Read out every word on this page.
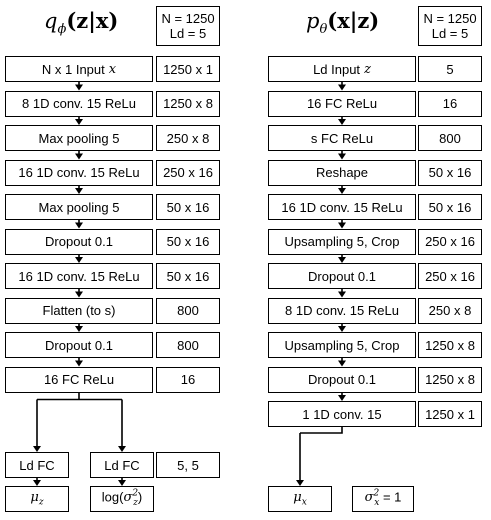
$q_\phi(z|x)$	$p_\theta(x|z)$
N = 1250
Ld = 5
N = 1250
Ld = 5
N x 1 Input x	1250 x 1
8 1D conv. 15 ReLu	1250 x 8
Max pooling 5	250 x 8
16 1D conv. 15 ReLu	250 x 16
Max pooling 5	50 x 16
Dropout 0.1	50 x 16
16 1D conv. 15 ReLu	50 x 16
Flatten (to s)	800
Dropout 0.1	800
16 FC ReLu	16
Ld Input z	5
16 FC ReLu	16
s FC ReLu	800
Reshape	50 x 16
16 1D conv. 15 ReLu	50 x 16
Upsampling 5, Crop	250 x 16
Dropout 0.1	250 x 16
8 1D conv. 15 ReLu	250 x 8
Upsampling 5, Crop	1250 x 8
Dropout 0.1	1250 x 8
1 1D conv. 15	1250 x 1
Ld FC	Ld FC	5, 5
$\mu_z$	$\log(\sigma^2_z)$	$\mu_x$	$\sigma^2_x = 1$
